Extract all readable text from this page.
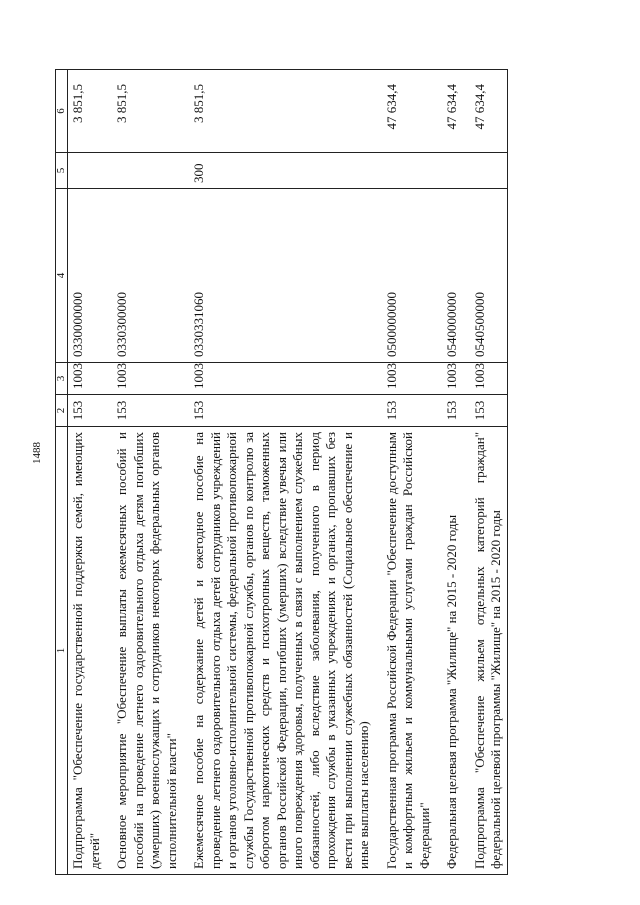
1488
1	2	3	4	5	6
Подпрограмма "Обеспечение государственной поддержки семей, имеющих детей"	153	1003	0330000000		3 851,5
Основное мероприятие "Обеспечение выплаты ежемесячных пособий и пособий на проведение летнего оздоровительного отдыха детям погибших (умерших) военнослужащих и сотрудников некоторых федеральных органов исполнительной власти"	153	1003	0330300000		3 851,5
Ежемесячное пособие на содержание детей и ежегодное пособие на проведение летнего оздоровительного отдыха детей сотрудников учреждений и органов уголовно-исполнительной системы, федеральной противопожарной службы Государственной противопожарной службы, органов по контролю за оборотом наркотических средств и психотропных веществ, таможенных органов Российской Федерации, погибших (умерших) вследствие увечья или иного повреждения здоровья, полученных в связи с выполнением служебных обязанностей, либо вследствие заболевания, полученного в период прохождения службы в указанных учреждениях и органах, пропавших без вести при выполнении служебных обязанностей (Социальное обеспечение и иные выплаты населению)	153	1003	0330331060	300	3 851,5
Государственная программа Российской Федерации "Обеспечение доступным и комфортным жильем и коммунальными услугами граждан Российской Федерации"	153	1003	0500000000		47 634,4
Федеральная целевая программа "Жилище" на 2015 - 2020 годы	153	1003	0540000000		47 634,4
Подпрограмма "Обеспечение жильем отдельных категорий граждан" федеральной целевой программы "Жилище" на 2015 - 2020 годы	153	1003	0540500000		47 634,4
